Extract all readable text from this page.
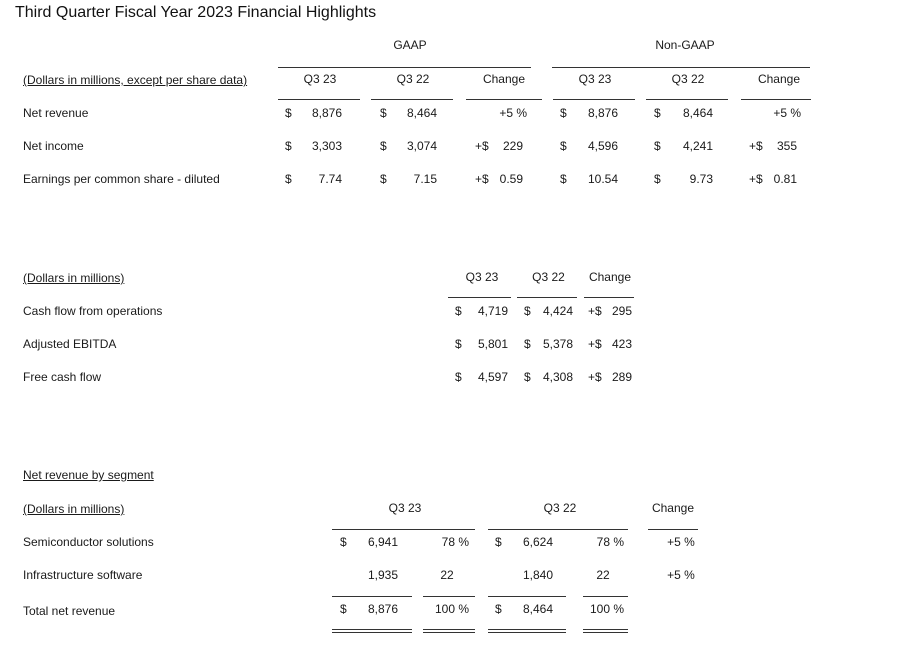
Third Quarter Fiscal Year 2023 Financial Highlights
GAAP	Non-GAAP
(Dollars in millions, except per share data)	Q3 23	Q3 22	Change	Q3 23	Q3 22	Change
Net revenue	$	8,876	$	8,464	+5 %	$	8,876	$	8,464	+5 %
Net income	$	3,303	$	3,074	+$	229	$	4,596	$	4,241	+$	355
Earnings per common share - diluted	$	7.74	$	7.15	+$ 0.59	$	10.54	$	9.73	+$ 0.81
(Dollars in millions)	Q3 23	Q3 22	Change
Cash flow from operations	$	4,719 $	4,424 +$ 295
Adjusted EBITDA	$	5,801 $	5,378 +$ 423
Free cash flow	$	4,597 $	4,308 +$ 289
Net revenue by segment
(Dollars in millions)	Q3 23	Q3 22	Change
Semiconductor solutions	$	6,941	78 % $	6,624	78 %	+5 %
Infrastructure software	1,935	22	1,840	22	+5 %
Total net revenue	$	8,876	100 % $	8,464	100 %
